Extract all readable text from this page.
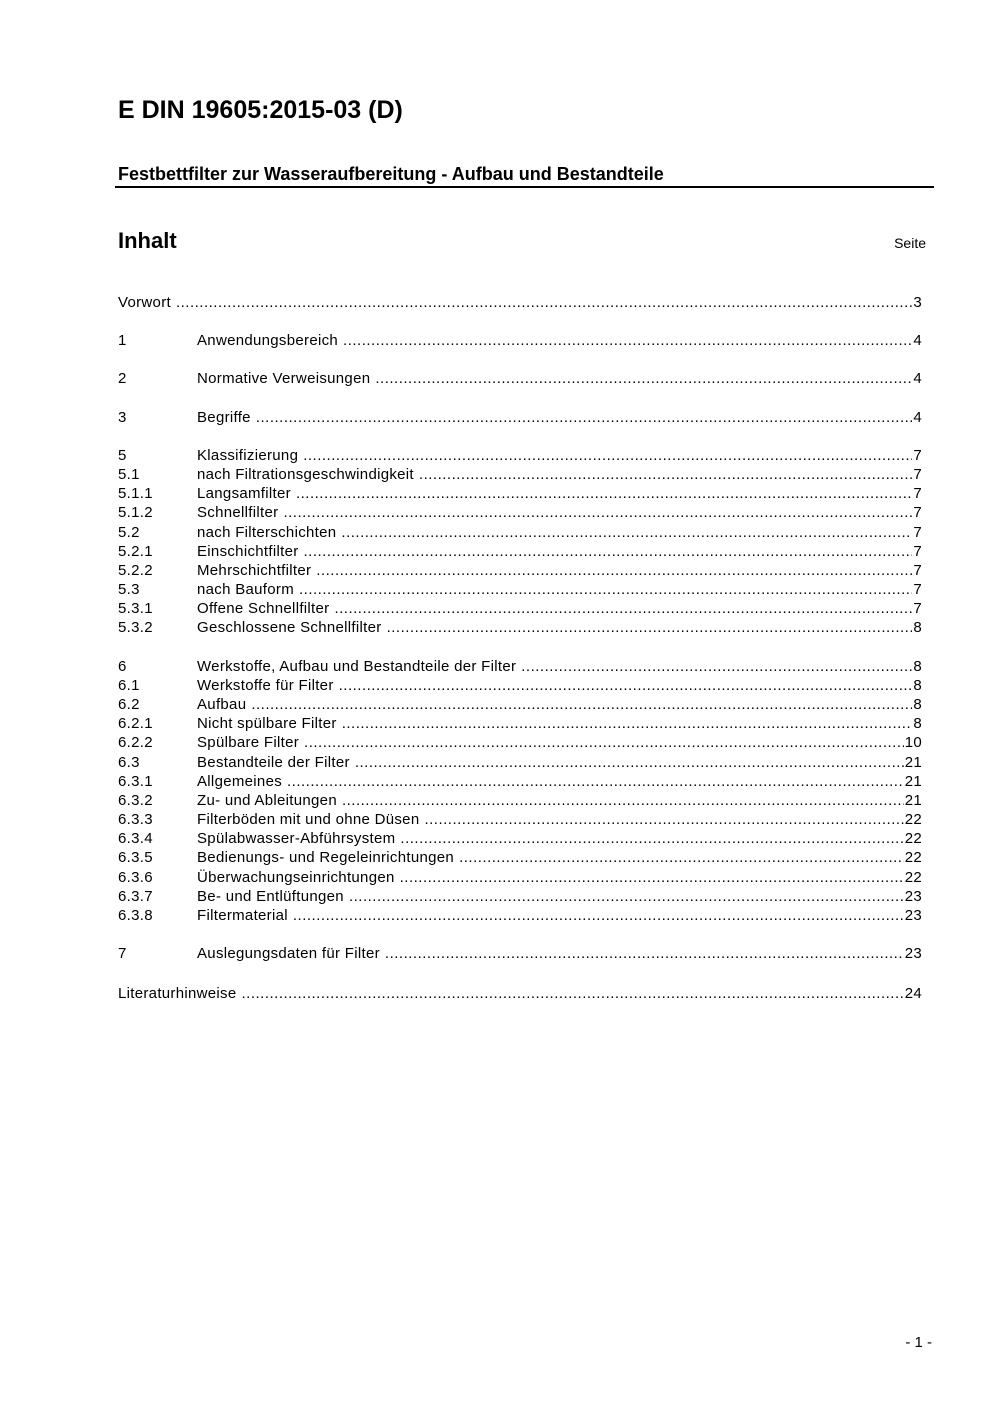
E DIN 19605:2015-03 (D)
Festbettfilter zur Wasseraufbereitung - Aufbau und Bestandteile
Inhalt	Seite
Vorwort .....	3
1	Anwendungsbereich .....	4
2	Normative Verweisungen .....	4
3	Begriffe .....	4
5	Klassifizierung .....	7
5.1	nach Filtrationsgeschwindigkeit .....	7
5.1.1	Langsamfilter .....	7
5.1.2	Schnellfilter .....	7
5.2	nach Filterschichten .....	7
5.2.1	Einschichtfilter .....	7
5.2.2	Mehrschichtfilter .....	7
5.3	nach Bauform .....	7
5.3.1	Offene Schnellfilter .....	7
5.3.2	Geschlossene Schnellfilter .....	8
6	Werkstoffe, Aufbau und Bestandteile der Filter .....	8
6.1	Werkstoffe für Filter .....	8
6.2	Aufbau .....	8
6.2.1	Nicht spülbare Filter .....	8
6.2.2	Spülbare Filter .....	10
6.3	Bestandteile der Filter .....	21
6.3.1	Allgemeines .....	21
6.3.2	Zu- und Ableitungen .....	21
6.3.3	Filterböden mit und ohne Düsen .....	22
6.3.4	Spülabwasser-Abführsystem .....	22
6.3.5	Bedienungs- und Regeleinrichtungen .....	22
6.3.6	Überwachungseinrichtungen .....	22
6.3.7	Be- und Entlüftungen .....	23
6.3.8	Filtermaterial .....	23
7	Auslegungsdaten für Filter .....	23
Literaturhinweise .....	24
- 1 -
